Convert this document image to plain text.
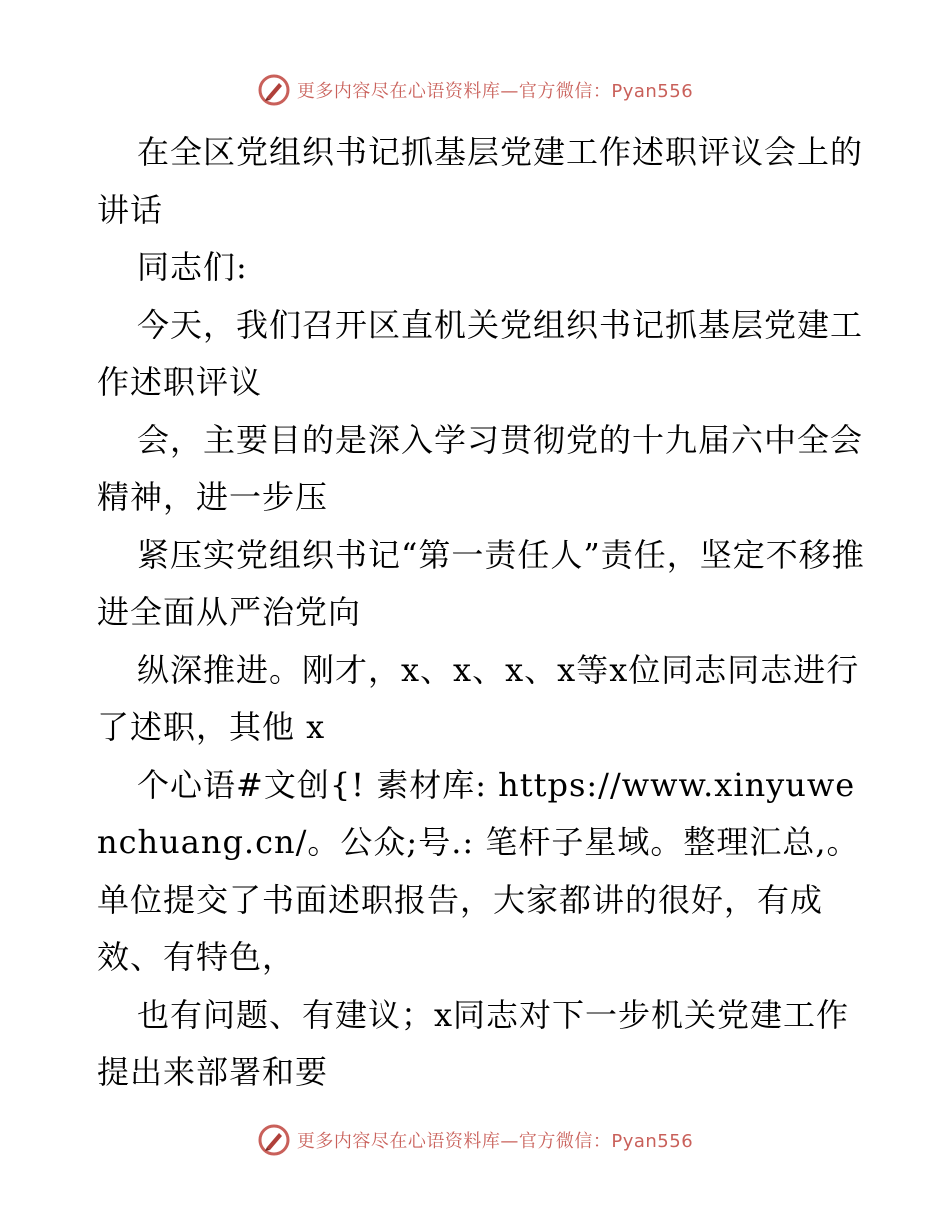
更多内容尽在心语资料库—官方微信：Pyan556

在全区党组织书记抓基层党建工作述职评议会上的讲话

同志们:

今天，我们召开区直机关党组织书记抓基层党建工作述职评议

会，主要目的是深入学习贯彻党的十九届六中全会精神，进一步压

紧压实党组织书记“第一责任人”责任，坚定不移推进全面从严治党向

纵深推进。刚才，x、x、x、x等x位同志同志进行了述职，其他 x

个心语#文创{! 素材库: https://www.xinyuwenchuang.cn/。公众;号.: 笔杆子星域。整理汇总,。单位提交了书面述职报告，大家都讲的很好，有成效、有特色，

也有问题、有建议；x同志对下一步机关党建工作提出来部署和要

更多内容尽在心语资料库—官方微信：Pyan556
